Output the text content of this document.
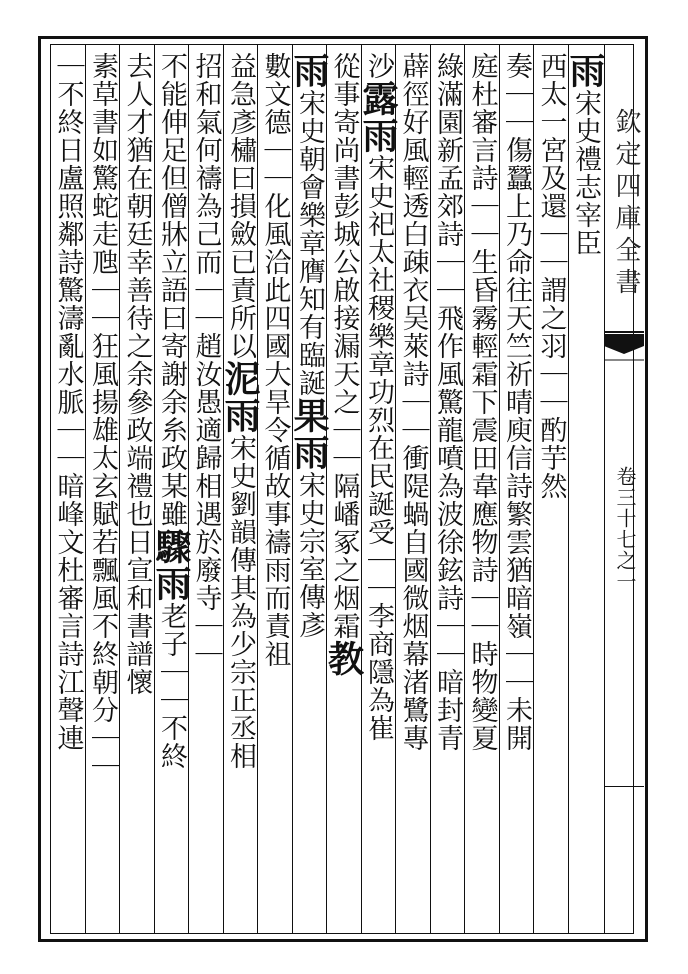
欽定四庫全書
卷三十七之一
雨宋史禮志宰臣
西太一宮及還｜｜謂之羽｜｜酌芋然
奏｜｜傷蠶上乃命往天竺祈晴庾信詩繁雲猶暗嶺｜｜未開
庭杜審言詩｜｜生昏霧輕霜下震田韋應物詩｜｜時物變夏
綠滿園新孟郊詩｜｜飛作風驚龍噴為波徐鉉詩｜｜暗封青
薜徑好風輕透白疎衣吴萊詩｜｜衝隄蝸自國微烟幕渚鷺專
沙露雨宋史祀太社稷樂章功烈在民誕受｜｜李商隱為崔
從事寄尚書彭城公啟接漏天之｜｜隔嶓冢之烟霜教
雨宋史朝會樂章膺知有臨誕果雨宋史宗室傳彥
數文德｜｜化風洽此四國大旱令循故事禱雨而責祖
益急彥橚曰損斂已責所以泥雨宋史劉韻傳其為少宗正丞相
招和氣何禱為己而｜｜趙汝愚適歸相遇於廢寺｜｜
不能伸足但僧牀立語曰寄謝余糸政某雖驟雨老子｜｜不終
去人才猶在朝廷幸善待之余參政端禮也日宣和書譜懷
素草書如驚蛇走虺｜｜狂風揚雄太玄賦若飄風不終朝分｜｜
｜不終日盧照鄰詩驚濤亂水脈｜｜暗峰文杜審言詩江聲連
